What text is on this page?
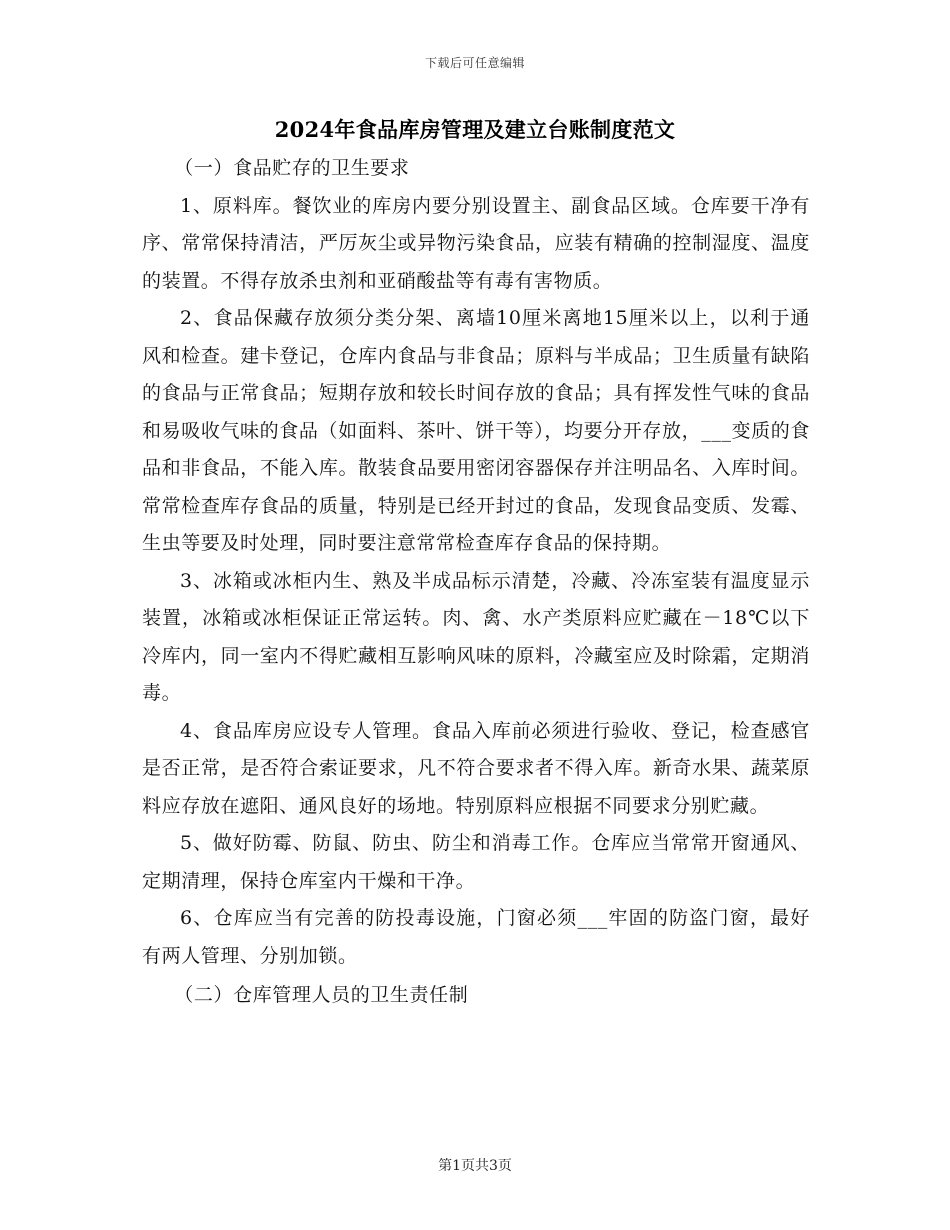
下载后可任意编辑
2024年食品库房管理及建立台账制度范文

（一）食品贮存的卫生要求

1、原料库。餐饮业的库房内要分别设置主、副食品区域。仓库要干净有序、常常保持清洁，严厉灰尘或异物污染食品，应装有精确的控制湿度、温度的装置。不得存放杀虫剂和亚硝酸盐等有毒有害物质。

2、食品保藏存放须分类分架、离墙10厘米离地15厘米以上，以利于通风和检查。建卡登记，仓库内食品与非食品；原料与半成品；卫生质量有缺陷的食品与正常食品；短期存放和较长时间存放的食品；具有挥发性气味的食品和易吸收气味的食品（如面料、茶叶、饼干等），均要分开存放，___变质的食品和非食品，不能入库。散装食品要用密闭容器保存并注明品名、入库时间。常常检查库存食品的质量，特别是已经开封过的食品，发现食品变质、发霉、生虫等要及时处理，同时要注意常常检查库存食品的保持期。

3、冰箱或冰柜内生、熟及半成品标示清楚，冷藏、冷冻室装有温度显示装置，冰箱或冰柜保证正常运转。肉、禽、水产类原料应贮藏在－18℃以下冷库内，同一室内不得贮藏相互影响风味的原料，冷藏室应及时除霜，定期消毒。

4、食品库房应设专人管理。食品入库前必须进行验收、登记，检查感官是否正常，是否符合索证要求，凡不符合要求者不得入库。新奇水果、蔬菜原料应存放在遮阳、通风良好的场地。特别原料应根据不同要求分别贮藏。

5、做好防霉、防鼠、防虫、防尘和消毒工作。仓库应当常常开窗通风、定期清理，保持仓库室内干燥和干净。

6、仓库应当有完善的防投毒设施，门窗必须___牢固的防盗门窗，最好有两人管理、分别加锁。

（二）仓库管理人员的卫生责任制

第1页共3页
